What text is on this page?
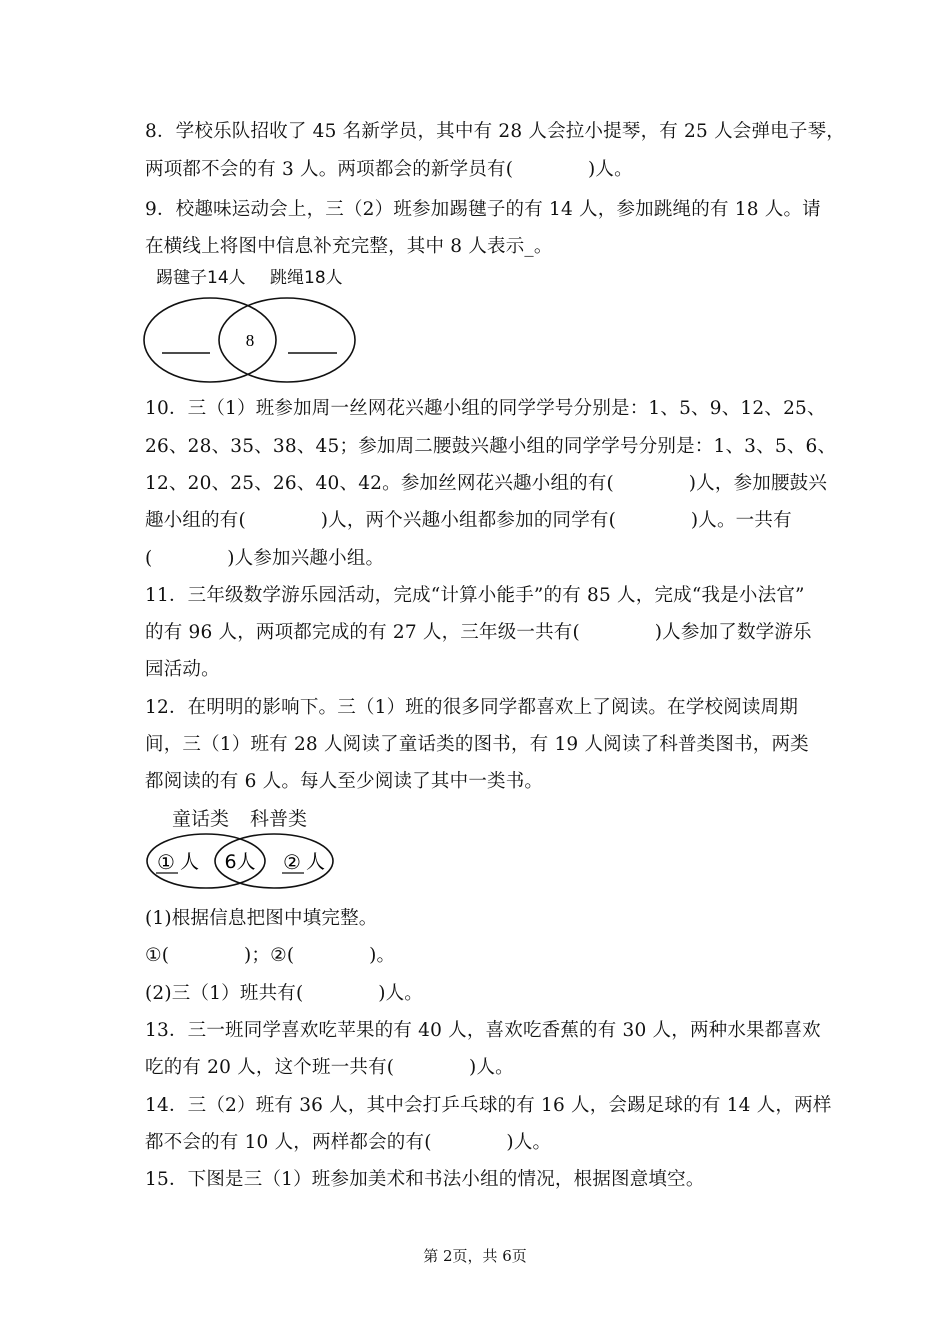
8．学校乐队招收了 45 名新学员，其中有 28 人会拉小提琴，有 25 人会弹电子琴，
两项都不会的有 3 人。两项都会的新学员有(　　　　)人。
9．校趣味运动会上，三（2）班参加踢毽子的有 14 人，参加跳绳的有 18 人。请
在横线上将图中信息补充完整，其中 8 人表示_。
踢毽子14人 跳绳18人
8
10．三（1）班参加周一丝网花兴趣小组的同学学号分别是：1、5、9、12、25、
26、28、35、38、45；参加周二腰鼓兴趣小组的同学学号分别是：1、3、5、6、
12、20、25、26、40、42。参加丝网花兴趣小组的有(　　　　)人，参加腰鼓兴
趣小组的有(　　　　)人，两个兴趣小组都参加的同学有(　　　　)人。一共有
(　　　　)人参加兴趣小组。
11．三年级数学游乐园活动，完成“计算小能手”的有 85 人，完成“我是小法官”
的有 96 人，两项都完成的有 27 人，三年级一共有(　　　　)人参加了数学游乐
园活动。
12．在明明的影响下。三（1）班的很多同学都喜欢上了阅读。在学校阅读周期
间，三（1）班有 28 人阅读了童话类的图书，有 19 人阅读了科普类图书，两类
都阅读的有 6 人。每人至少阅读了其中一类书。
童话类 科普类
① 人 6人 ② 人
(1)根据信息把图中填完整。
①(　　　　)；②(　　　　)。
(2)三（1）班共有(　　　　)人。
13．三一班同学喜欢吃苹果的有 40 人，喜欢吃香蕉的有 30 人，两种水果都喜欢
吃的有 20 人，这个班一共有(　　　　)人。
14．三（2）班有 36 人，其中会打乒乓球的有 16 人，会踢足球的有 14 人，两样
都不会的有 10 人，两样都会的有(　　　　)人。
15．下图是三（1）班参加美术和书法小组的情况，根据图意填空。
第 2页，共 6页
